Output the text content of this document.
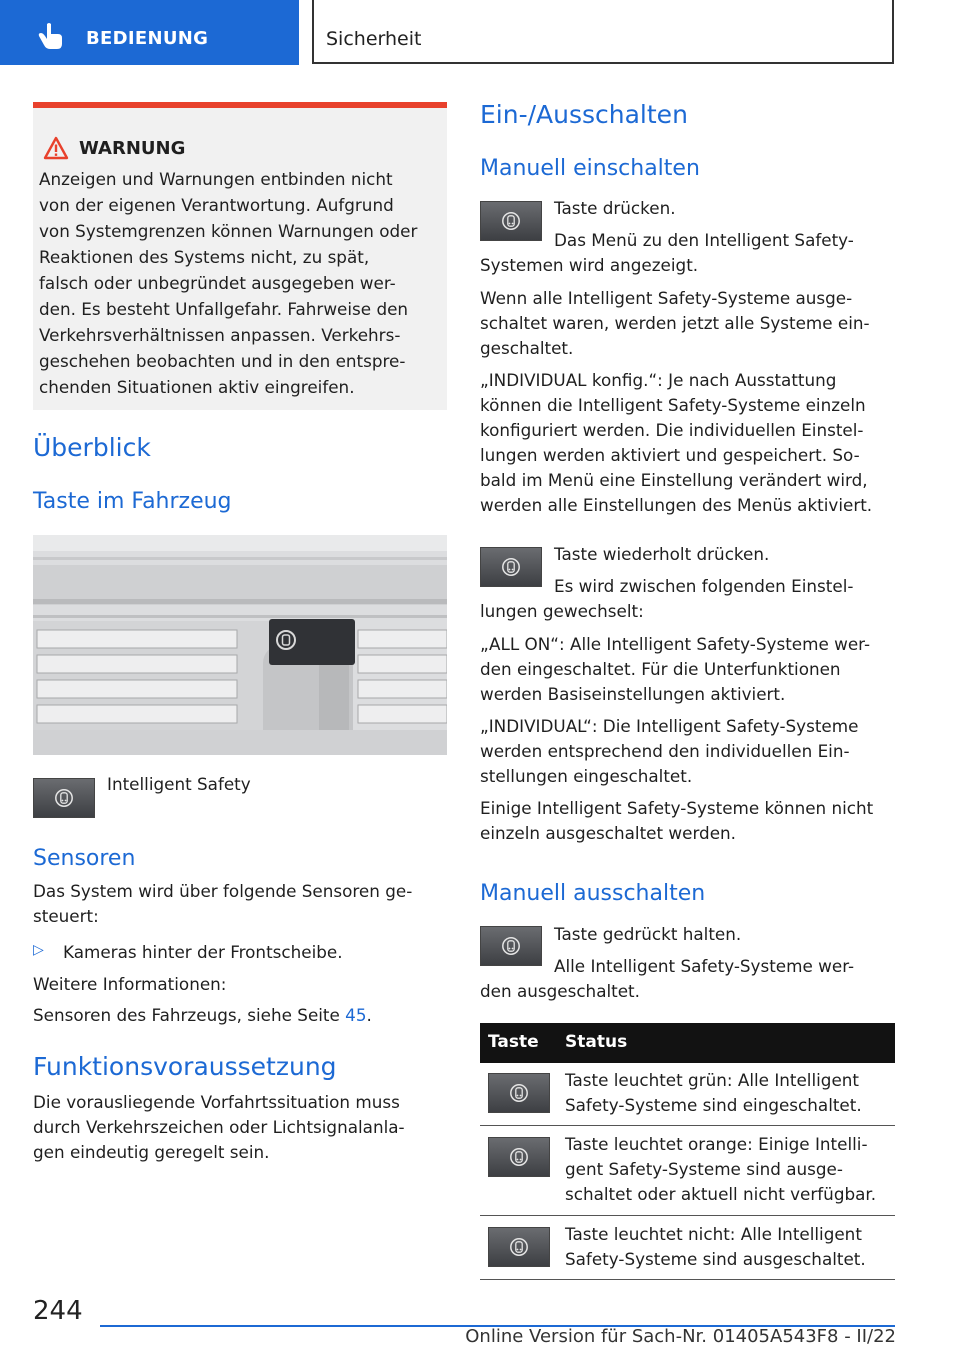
BEDIENUNG	Sicherheit
WARNUNG
Anzeigen und Warnungen entbinden nicht
von der eigenen Verantwortung. Aufgrund
von Systemgrenzen können Warnungen oder
Reaktionen des Systems nicht, zu spät,
falsch oder unbegründet ausgegeben wer-
den. Es besteht Unfallgefahr. Fahrweise den
Verkehrsverhältnissen anpassen. Verkehrs-
geschehen beobachten und in den entspre-
chenden Situationen aktiv eingreifen.
Überblick
Taste im Fahrzeug

Intelligent Safety

Sensoren

Das System wird über folgende Sensoren ge-

steuert:

▷ Kameras hinter der Frontscheibe.

Weitere Informationen:

Sensoren des Fahrzeugs, siehe Seite 45.

Funktionsvoraussetzung

Die vorausliegende Vorfahrtssituation muss

durch Verkehrszeichen oder Lichtsignalanla-

gen eindeutig geregelt sein.

Ein-/Ausschalten
Manuell einschalten

Taste drücken.

Das Menü zu den Intelligent Safety-

Systemen wird angezeigt.

Wenn alle Intelligent Safety-Systeme ausge-

schaltet waren, werden jetzt alle Systeme ein-

geschaltet.

„INDIVIDUAL konfig.“: Je nach Ausstattung

können die Intelligent Safety-Systeme einzeln

konfiguriert werden. Die individuellen Einstel-

lungen werden aktiviert und gespeichert. So-

bald im Menü eine Einstellung verändert wird,

werden alle Einstellungen des Menüs aktiviert.

Taste wiederholt drücken.

Es wird zwischen folgenden Einstel-

lungen gewechselt:

„ALL ON“: Alle Intelligent Safety-Systeme wer-

den eingeschaltet. Für die Unterfunktionen

werden Basiseinstellungen aktiviert.

„INDIVIDUAL“: Die Intelligent Safety-Systeme

werden entsprechend den individuellen Ein-

stellungen eingeschaltet.

Einige Intelligent Safety-Systeme können nicht

einzeln ausgeschaltet werden.

Manuell ausschalten

Taste gedrückt halten.

Alle Intelligent Safety-Systeme wer-

den ausgeschaltet.

Taste Status
Taste leuchtet grün: Alle Intelligent
Safety-Systeme sind eingeschaltet.
Taste leuchtet orange: Einige Intelli-
gent Safety-Systeme sind ausge-
schaltet oder aktuell nicht verfügbar.
Taste leuchtet nicht: Alle Intelligent
Safety-Systeme sind ausgeschaltet.
244
Online Version für Sach-Nr. 01405A543F8 - II/22
